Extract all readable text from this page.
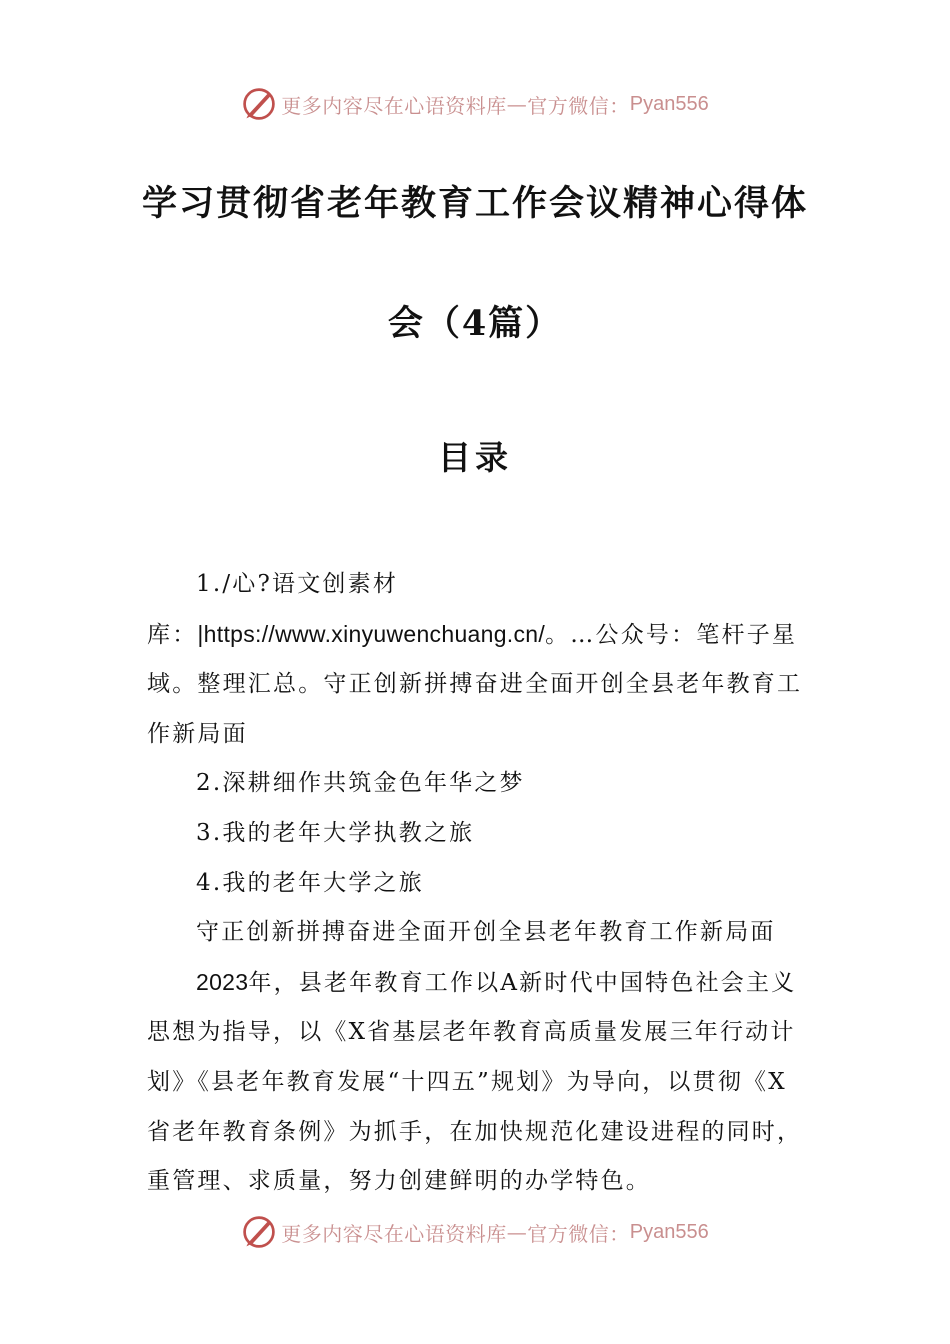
更多内容尽在心语资料库 — 官方微信： Pyan556
学习贯彻省老年教育工作会议精神心得体
会（4篇）
目录

1./心?语文创素材库：|https://www.xinyuwenchuang.cn/。…公众号：笔杆子星域。整理汇总。守正创新拼搏奋进全面开创全县老年教育工作新局面

2.深耕细作共筑金色年华之梦

3.我的老年大学执教之旅

4.我的老年大学之旅

守正创新拼搏奋进全面开创全县老年教育工作新局面

2023年，县老年教育工作以A新时代中国特色社会主义思想为指导，以《X省基层老年教育高质量发展三年行动计划》《县老年教育发展“十四五”规划》为导向，以贯彻《X省老年教育条例》为抓手，在加快规范化建设进程的同时，重管理、求质量，努力创建鲜明的办学特色。

更多内容尽在心语资料库 — 官方微信： Pyan556
